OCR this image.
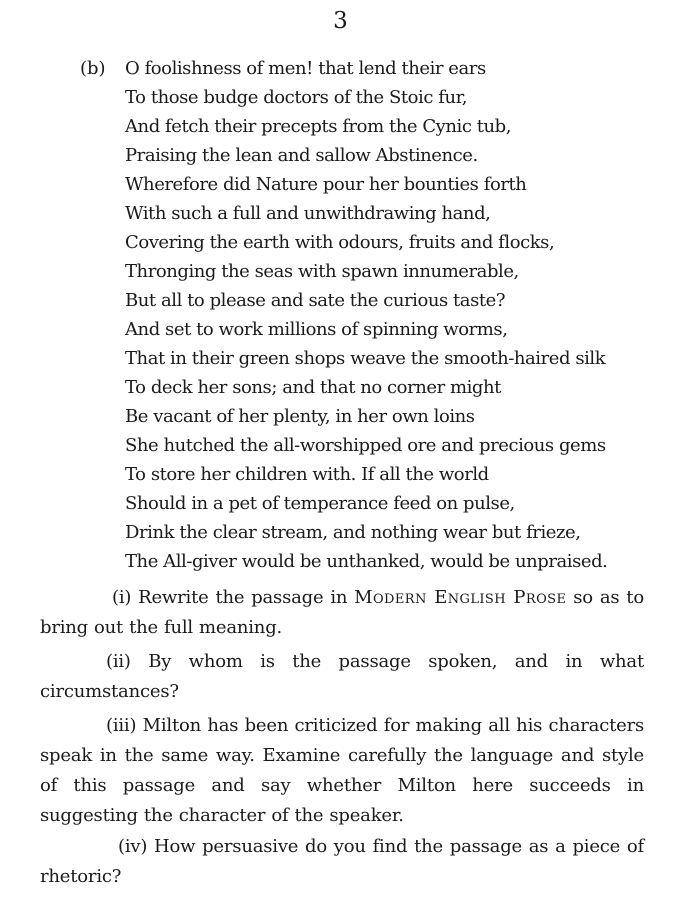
3
(b) O foolishness of men! that lend their ears
To those budge doctors of the Stoic fur,
And fetch their precepts from the Cynic tub,
Praising the lean and sallow Abstinence.
Wherefore did Nature pour her bounties forth
With such a full and unwithdrawing hand,
Covering the earth with odours, fruits and flocks,
Thronging the seas with spawn innumerable,
But all to please and sate the curious taste?
And set to work millions of spinning worms,
That in their green shops weave the smooth-haired silk
To deck her sons; and that no corner might
Be vacant of her plenty, in her own loins
She hutched the all-worshipped ore and precious gems
To store her children with. If all the world
Should in a pet of temperance feed on pulse,
Drink the clear stream, and nothing wear but frieze,
The All-giver would be unthanked, would be unpraised.

(i) Rewrite the passage in Modern English Prose so as to bring out the full meaning.

(ii) By whom is the passage spoken, and in what circumstances?

(iii) Milton has been criticized for making all his characters speak in the same way. Examine carefully the language and style of this passage and say whether Milton here succeeds in suggesting the character of the speaker.

(iv) How persuasive do you find the passage as a piece of rhetoric?
